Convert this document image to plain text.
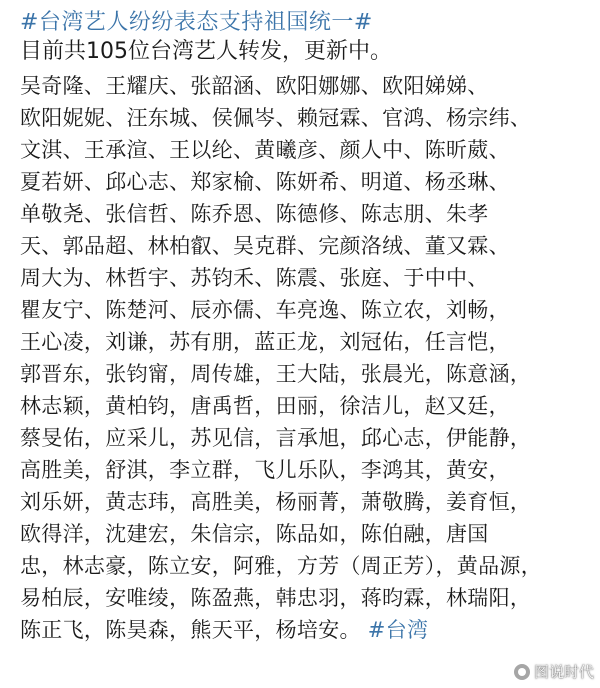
#台湾艺人纷纷表态支持祖国统一#
目前共105位台湾艺人转发，更新中。
吴奇隆、王耀庆、张韶涵、欧阳娜娜、欧阳娣娣、
欧阳妮妮、汪东城、侯佩岑、赖冠霖、官鸿、杨宗纬、
文淇、王承渲、王以纶、黄曦彦、颜人中、陈昕葳、
夏若妍、邱心志、郑家榆、陈妍希、明道、杨丞琳、
单敬尧、张信哲、陈乔恩、陈德修、陈志朋、朱孝
天、郭品超、林柏叡、吴克群、完颜洛绒、董又霖、
周大为、林哲宇、苏钧禾、陈震、张庭、于中中、
瞿友宁、陈楚河、辰亦儒、车亮逸、陈立农，刘畅，
王心凌，刘谦，苏有朋，蓝正龙，刘冠佑，任言恺，
郭晋东，张钧甯，周传雄，王大陆，张晨光，陈意涵，
林志颖，黄柏钧，唐禹哲，田丽，徐洁儿，赵又廷，
蔡旻佑，应采儿，苏见信，言承旭，邱心志，伊能静，
高胜美，舒淇，李立群，飞儿乐队，李鸿其，黄安，
刘乐妍，黄志玮，高胜美，杨丽菁，萧敬腾，姜育恒，
欧得洋，沈建宏，朱信宗，陈品如，陈伯融，唐国
忠，林志豪，陈立安，阿雅，方芳（周正芳），黄品源，
易柏辰，安唯绫，陈盈燕，韩忠羽，蒋昀霖，林瑞阳，
陈正飞，陈昊森，熊天平，杨培安。 #台湾
图说时代
